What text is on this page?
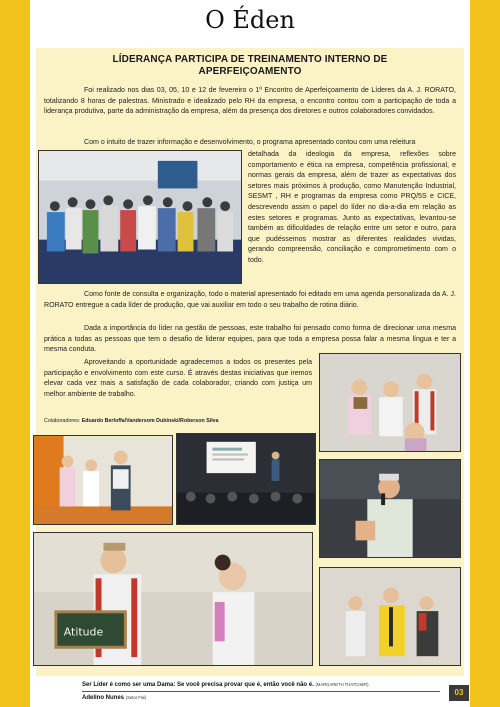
O Éden
LÍDERANÇA PARTICIPA DE TREINAMENTO INTERNO DE
APERFEIÇOAMENTO

Foi realizado nos dias 03, 05, 10 e 12 de fevereiro o 1º Encontro de Aperfeiçoamento de Líderes da A. J. RORATO, totalizando 8 horas de palestras. Ministrado e idealizado pelo RH da empresa, o encontro contou com a participação de toda a liderança produtiva, parte da administração da empresa, além da presença dos diretores e outros colaboradores convidados.

Com o intuito de trazer informação e desenvolvimento, o programa apresentado contou com uma releitura

detalhada da ideologia da empresa, reflexões sobre comportamento e ética na empresa, competência profissional, e normas gerais da empresa, além de trazer as expectativas dos setores mais próximos à produção, como Manutenção Industrial, SESMT , RH e programas da empresa como PRQ/5S e CICE, descrevendo assim o papel do líder no dia-a-dia em relação as estes setores e programas. Junto as expectativas, levantou-se também as dificuldades de relação entre um setor e outro, para que pudéssemos mostrar as diferentes realidades vividas, gerando compreensão, conciliação e comprometimento com o todo.

Como fonte de consulta e organização, todo o material apresentado foi editado em uma agenda personalizada da A. J. RORATO entregue a cada líder de produção, que vai auxiliar em todo o seu trabalho de rotina diário.

Dada a importância do líder na gestão de pessoas, este trabalho foi pensado como forma de direcionar uma mesma prática a todas as pessoas que tem o desafio de liderar equipes, para que toda a empresa possa falar a mesma língua e ter a mesma conduta.

Aproveitando a oportunidade agradecemos a todos os presentes pela participação e envolvimento com este curso. É através destas iniciativas que iremos elevar cada vez mais a satisfação de cada colaborador, criando com justiça um melhor ambiente de trabalho.

Colaboradores: Eduardo Berloffa/Vandersom Dubinski/Roberson Silva
Atitude
Ser Líder é como ser uma Dama: Se você precisa provar que é, então você não é. (MARGARETH THATCHER)
Adelino Nunes (Setor Flai)
03
